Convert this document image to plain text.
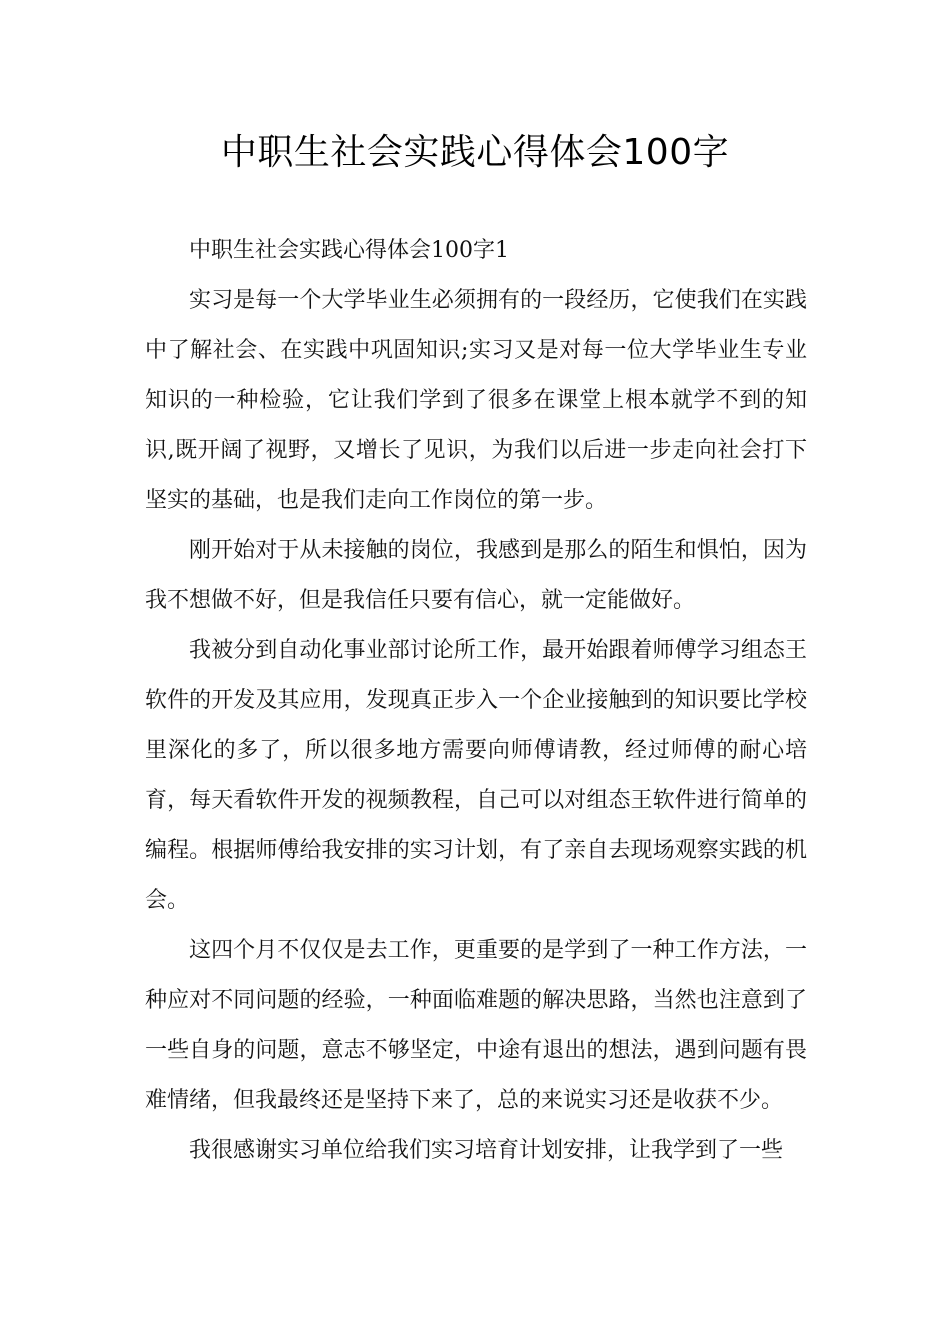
中职生社会实践心得体会100字

中职生社会实践心得体会100字1

实习是每一个大学毕业生必须拥有的一段经历，它使我们在实践中了解社会、在实践中巩固知识;实习又是对每一位大学毕业生专业知识的一种检验，它让我们学到了很多在课堂上根本就学不到的知识,既开阔了视野，又增长了见识，为我们以后进一步走向社会打下坚实的基础，也是我们走向工作岗位的第一步。

刚开始对于从未接触的岗位，我感到是那么的陌生和惧怕，因为我不想做不好，但是我信任只要有信心，就一定能做好。

我被分到自动化事业部讨论所工作，最开始跟着师傅学习组态王软件的开发及其应用，发现真正步入一个企业接触到的知识要比学校里深化的多了，所以很多地方需要向师傅请教，经过师傅的耐心培育，每天看软件开发的视频教程，自己可以对组态王软件进行简单的编程。根据师傅给我安排的实习计划，有了亲自去现场观察实践的机会。

这四个月不仅仅是去工作，更重要的是学到了一种工作方法，一种应对不同问题的经验，一种面临难题的解决思路，当然也注意到了一些自身的问题，意志不够坚定，中途有退出的想法，遇到问题有畏难情绪，但我最终还是坚持下来了，总的来说实习还是收获不少。

我很感谢实习单位给我们实习培育计划安排，让我学到了一些
